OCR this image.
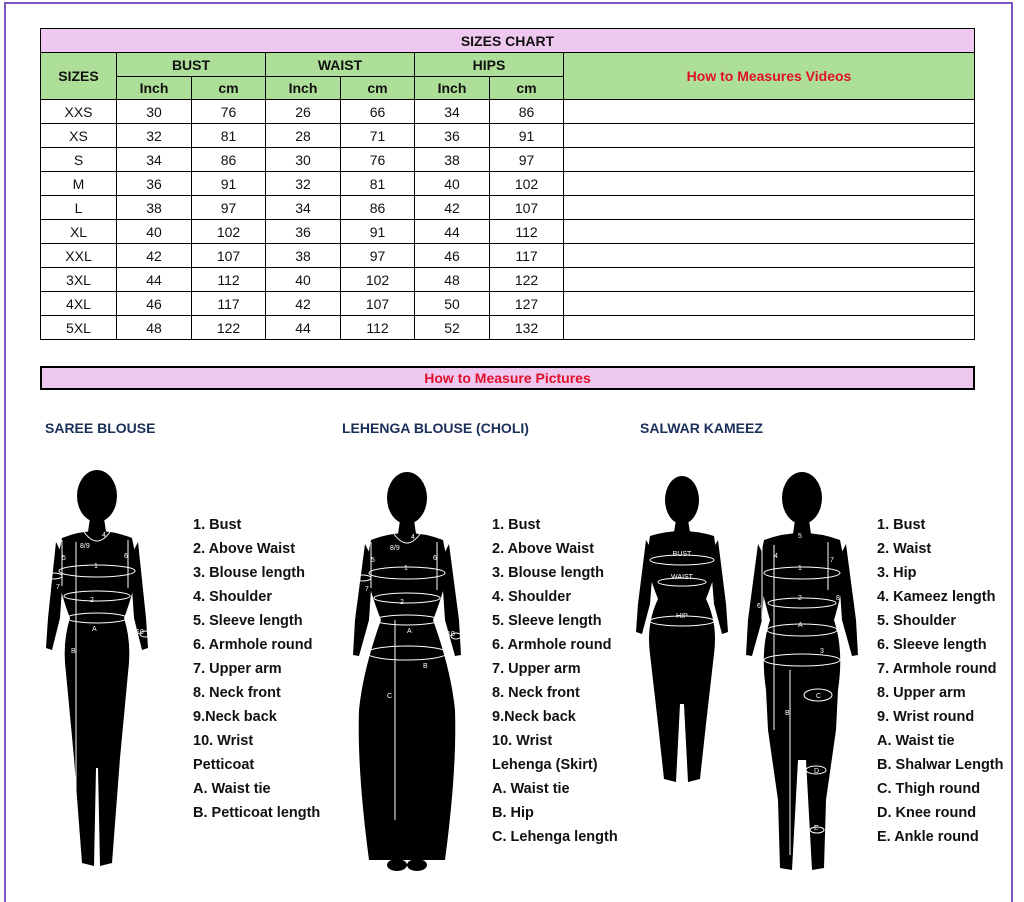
SIZES CHART							
SIZES	BUST		WAIST		HIPS		How to Measures Videos
	Inch	cm	Inch	cm	Inch	cm	
XXS	30	76	26	66	34	86	
XS	32	81	28	71	36	91	
S	34	86	30	76	38	97	
M	36	91	32	81	40	102	
L	38	97	34	86	42	107	
XL	40	102	36	91	44	112	
XXL	42	107	38	97	46	117	
3XL	44	112	40	102	48	122	
4XL	46	117	42	107	50	127	
5XL	48	122	44	112	52	132	
How to Measure Pictures
SAREE BLOUSE	LEHENGA BLOUSE (CHOLI)	SALWAR KAMEEZ
1
2
4
5	6
7
8/9
10
A
B
1. Bust
2. Above Waist
3. Blouse length
4. Shoulder
5. Sleeve length
6. Armhole round
7. Upper arm
8. Neck front
9.Neck back
10. Wrist
Petticoat
A. Waist tie
B. Petticoat length
1
2
4
5	6
7
8/9
10
A
B
C
1. Bust
2. Above Waist
3. Blouse length
4. Shoulder
5. Sleeve length
6. Armhole round
7. Upper arm
8. Neck front
9.Neck back
10. Wrist
Lehenga (Skirt)
A. Waist tie
B. Hip
C. Lehenga length
BUST
WAIST
HIP
1
2
3
4
5
6
7
8
9
A
B
C
D
E
1. Bust
2. Waist
3. Hip
4. Kameez length
5. Shoulder
6. Sleeve length
7. Armhole round
8. Upper arm
9. Wrist round
A. Waist tie
B. Shalwar Length
C. Thigh round
D. Knee round
E. Ankle round
